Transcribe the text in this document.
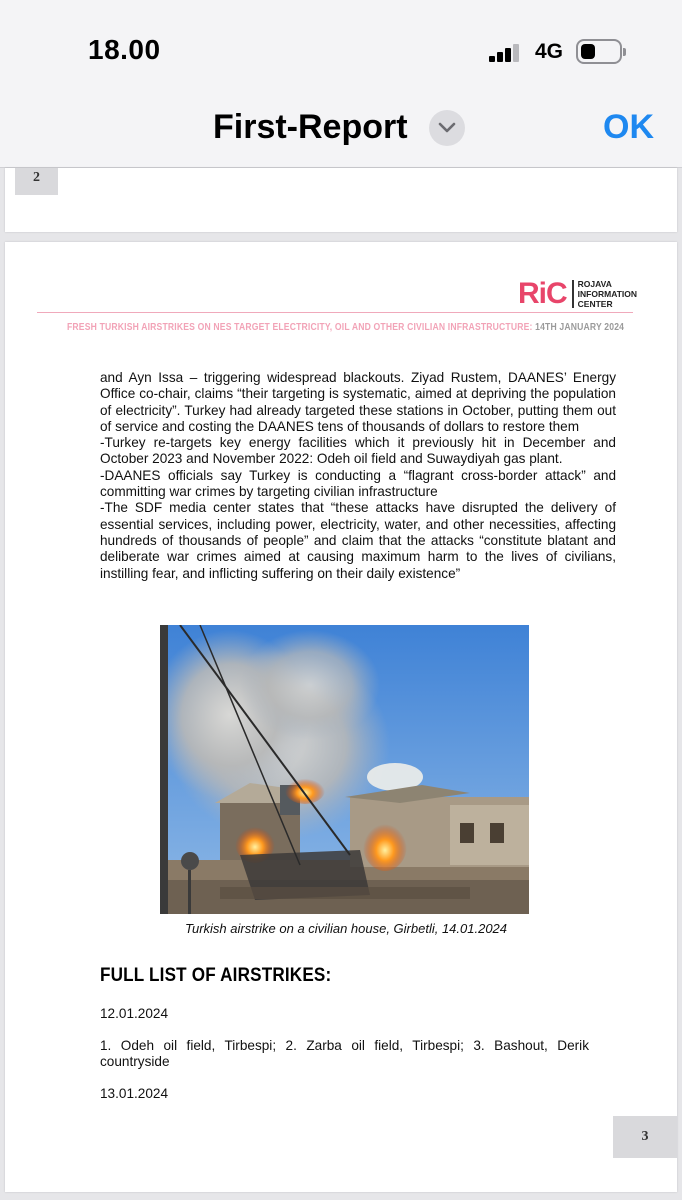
18.00	4G
First-Report	OK
2
RiC ROJAVA
INFORMATION
CENTER
FRESH TURKISH AIRSTRIKES ON NES TARGET ELECTRICITY, OIL AND OTHER CIVILIAN INFRASTRUCTURE: 14TH JANUARY 2024

and Ayn Issa – triggering widespread blackouts. Ziyad Rustem, DAANES’ Energy Office co-chair, claims “their targeting is systematic, aimed at depriving the population of electricity”. Turkey had already targeted these stations in October, putting them out of service and costing the DAANES tens of thousands of dollars to restore them

-Turkey re-targets key energy facilities which it previously hit in December and October 2023 and November 2022: Odeh oil field and Suwaydiyah gas plant.

-DAANES officials say Turkey is conducting a “flagrant cross-border attack” and committing war crimes by targeting civilian infrastructure

-The SDF media center states that “these attacks have disrupted the delivery of essential services, including power, electricity, water, and other necessities, affecting hundreds of thousands of people” and claim that the attacks “constitute blatant and deliberate war crimes aimed at causing maximum harm to the lives of civilians, instilling fear, and inflicting suffering on their daily existence”

Turkish airstrike on a civilian house, Girbetli, 14.01.2024
FULL LIST OF AIRSTRIKES:
12.01.2024
1. Odeh oil field, Tirbespi; 2. Zarba oil field, Tirbespi; 3. Bashout, Derik countryside
13.01.2024
3
